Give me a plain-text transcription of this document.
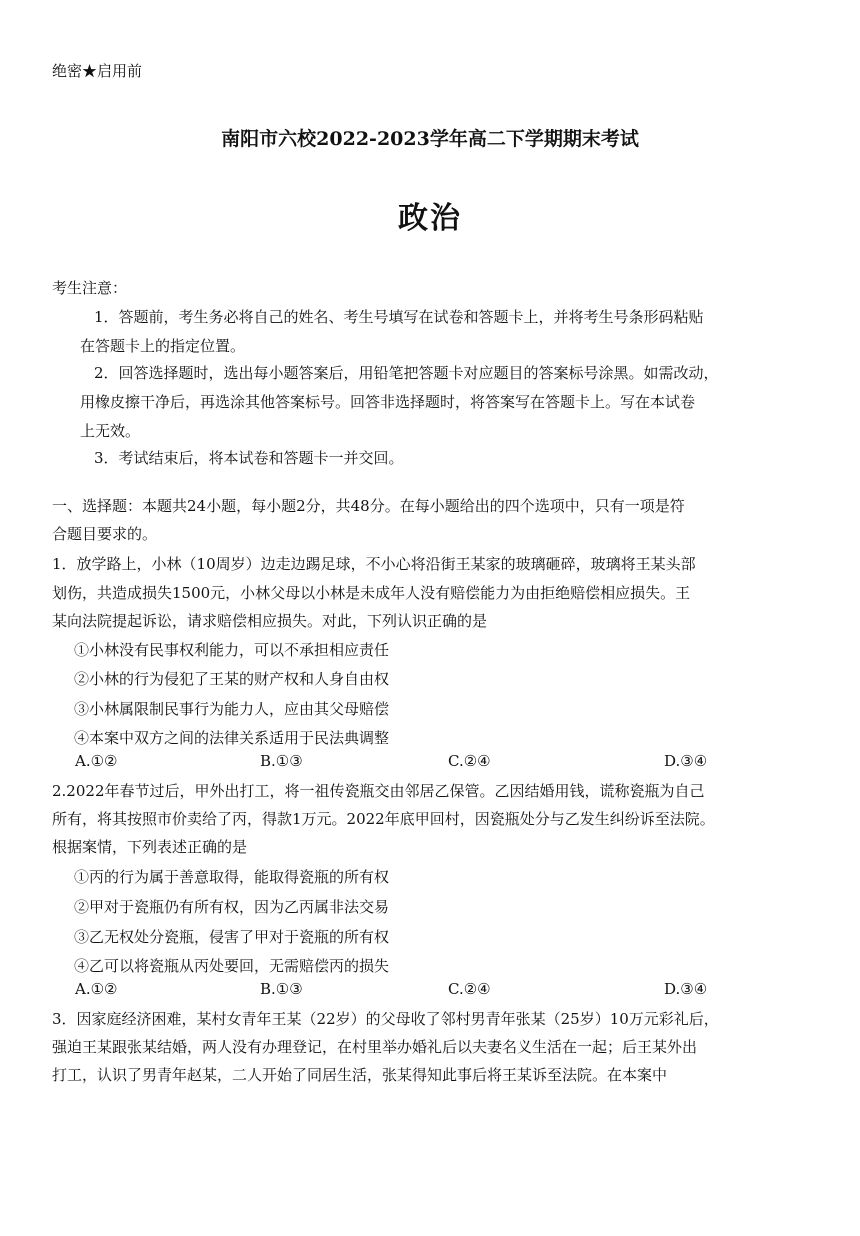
绝密★启用前
南阳市六校2022-2023学年高二下学期期末考试
政治
考生注意：
1．答题前，考生务必将自己的姓名、考生号填写在试卷和答题卡上，并将考生号条形码粘贴
在答题卡上的指定位置。
2．回答选择题时，选出每小题答案后，用铅笔把答题卡对应题目的答案标号涂黑。如需改动，
用橡皮擦干净后，再选涂其他答案标号。回答非选择题时，将答案写在答题卡上。写在本试卷
上无效。
3．考试结束后，将本试卷和答题卡一并交回。
一、选择题：本题共24小题，每小题2分，共48分。在每小题给出的四个选项中，只有一项是符
合题目要求的。
1．放学路上，小林（10周岁）边走边踢足球，不小心将沿街王某家的玻璃砸碎，玻璃将王某头部
划伤，共造成损失1500元，小林父母以小林是未成年人没有赔偿能力为由拒绝赔偿相应损失。王
某向法院提起诉讼，请求赔偿相应损失。对此，下列认识正确的是
①小林没有民事权利能力，可以不承担相应责任
②小林的行为侵犯了王某的财产权和人身自由权
③小林属限制民事行为能力人，应由其父母赔偿
④本案中双方之间的法律关系适用于民法典调整
A.①②	B.①③	C.②④	D.③④
2.2022年春节过后，甲外出打工，将一祖传瓷瓶交由邻居乙保管。乙因结婚用钱，谎称瓷瓶为自己
所有，将其按照市价卖给了丙，得款1万元。2022年底甲回村，因瓷瓶处分与乙发生纠纷诉至法院。
根据案情，下列表述正确的是
①丙的行为属于善意取得，能取得瓷瓶的所有权
②甲对于瓷瓶仍有所有权，因为乙丙属非法交易
③乙无权处分瓷瓶，侵害了甲对于瓷瓶的所有权
④乙可以将瓷瓶从丙处要回，无需赔偿丙的损失
A.①②	B.①③	C.②④	D.③④
3．因家庭经济困难，某村女青年王某（22岁）的父母收了邻村男青年张某（25岁）10万元彩礼后，
强迫王某跟张某结婚，两人没有办理登记，在村里举办婚礼后以夫妻名义生活在一起；后王某外出
打工，认识了男青年赵某，二人开始了同居生活，张某得知此事后将王某诉至法院。在本案中
